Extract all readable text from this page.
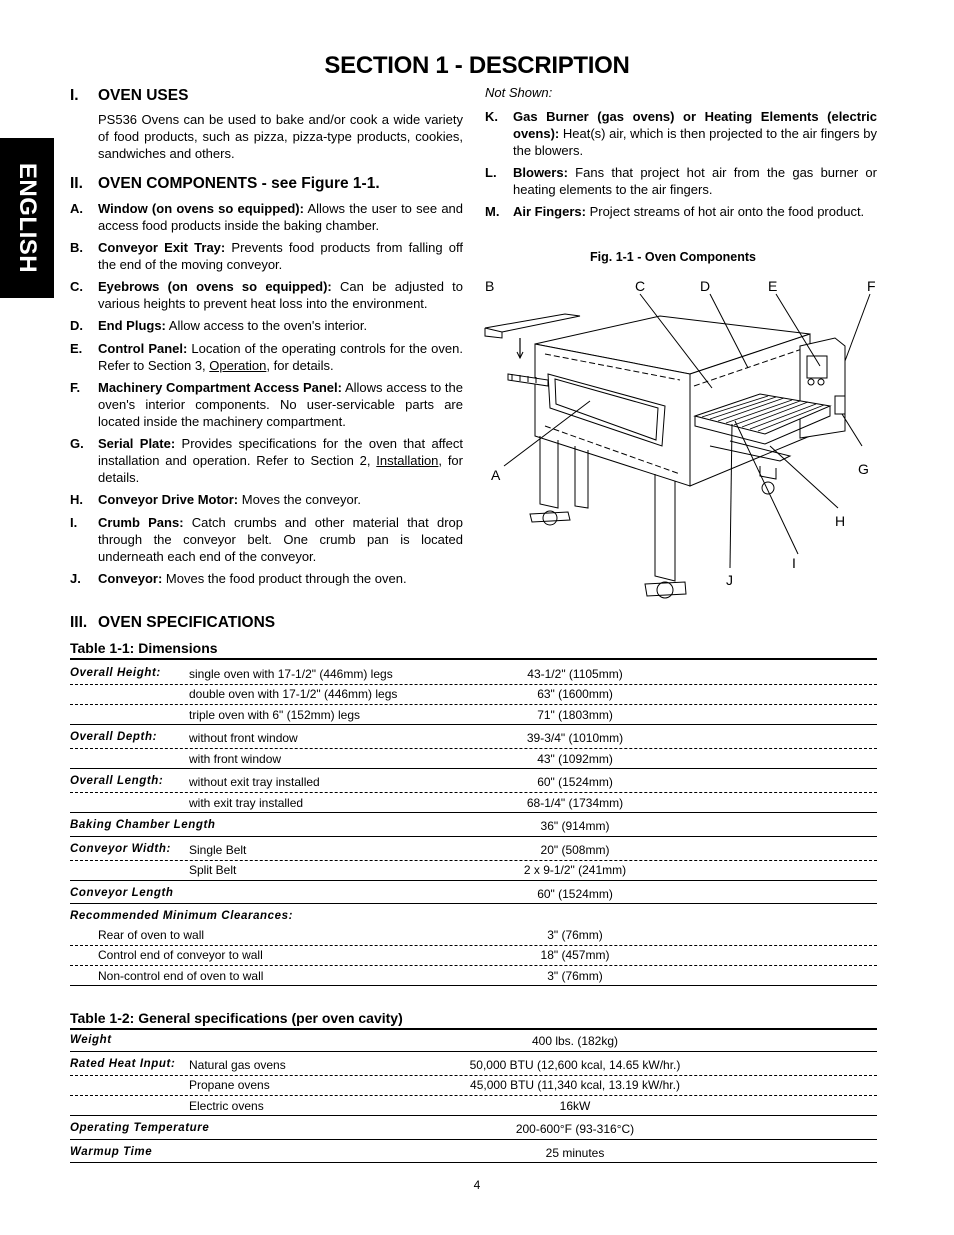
ENGLISH
SECTION 1 - DESCRIPTION
I. OVEN USES
PS536 Ovens can be used to bake and/or cook a wide variety of food products, such as pizza, pizza-type products, cookies, sandwiches and others.
II. OVEN COMPONENTS - see Figure 1-1.
A. Window (on ovens so equipped): Allows the user to see and access food products inside the baking chamber.
B. Conveyor Exit Tray: Prevents food products from falling off the end of the moving conveyor.
C. Eyebrows (on ovens so equipped): Can be adjusted to various heights to prevent heat loss into the environment.
D. End Plugs: Allow access to the oven's interior.
E. Control Panel: Location of the operating controls for the oven. Refer to Section 3, Operation, for details.
F. Machinery Compartment Access Panel: Allows access to the oven's interior components. No user-servicable parts are located inside the machinery compartment.
G. Serial Plate: Provides specifications for the oven that affect installation and operation. Refer to Section 2, Installation, for details.
H. Conveyor Drive Motor: Moves the conveyor.
I. Crumb Pans: Catch crumbs and other material that drop through the conveyor belt. One crumb pan is located underneath each end of the conveyor.
J. Conveyor: Moves the food product through the oven.
Not Shown:
K. Gas Burner (gas ovens) or Heating Elements (electric ovens): Heat(s) air, which is then projected to the air fingers by the blowers.
L. Blowers: Fans that project hot air from the gas burner or heating elements to the air fingers.
M. Air Fingers: Project streams of hot air onto the food product.
Fig. 1-1 - Oven Components
B	C	D	E	F
A	G
H
I
J
III. OVEN SPECIFICATIONS
Table 1-1: Dimensions
Overall Height: single oven with 17-1/2" (446mm) legs	43-1/2" (1105mm)
double oven with 17-1/2" (446mm) legs	63" (1600mm)
triple oven with 6" (152mm) legs	71" (1803mm)
Overall Depth:	without front window	39-3/4" (1010mm)
with front window	43" (1092mm)
Overall Length: without exit tray installed	60" (1524mm)
with exit tray installed	68-1/4" (1734mm)
Baking Chamber Length	36" (914mm)
Conveyor Width: Single Belt	20" (508mm)
Split Belt	2 x 9-1/2" (241mm)
Conveyor Length	60" (1524mm)
Recommended Minimum Clearances:
Rear of oven to wall	3" (76mm)
Control end of conveyor to wall	18" (457mm)
Non-control end of oven to wall	3" (76mm)
Table 1-2: General specifications (per oven cavity)
Weight	400 lbs. (182kg)
Rated Heat Input: Natural gas ovens	50,000 BTU (12,600 kcal, 14.65 kW/hr.)
Propane ovens	45,000 BTU (11,340 kcal, 13.19 kW/hr.)
Electric ovens	16kW
Operating Temperature	200-600°F (93-316°C)
Warmup Time	25 minutes
4
